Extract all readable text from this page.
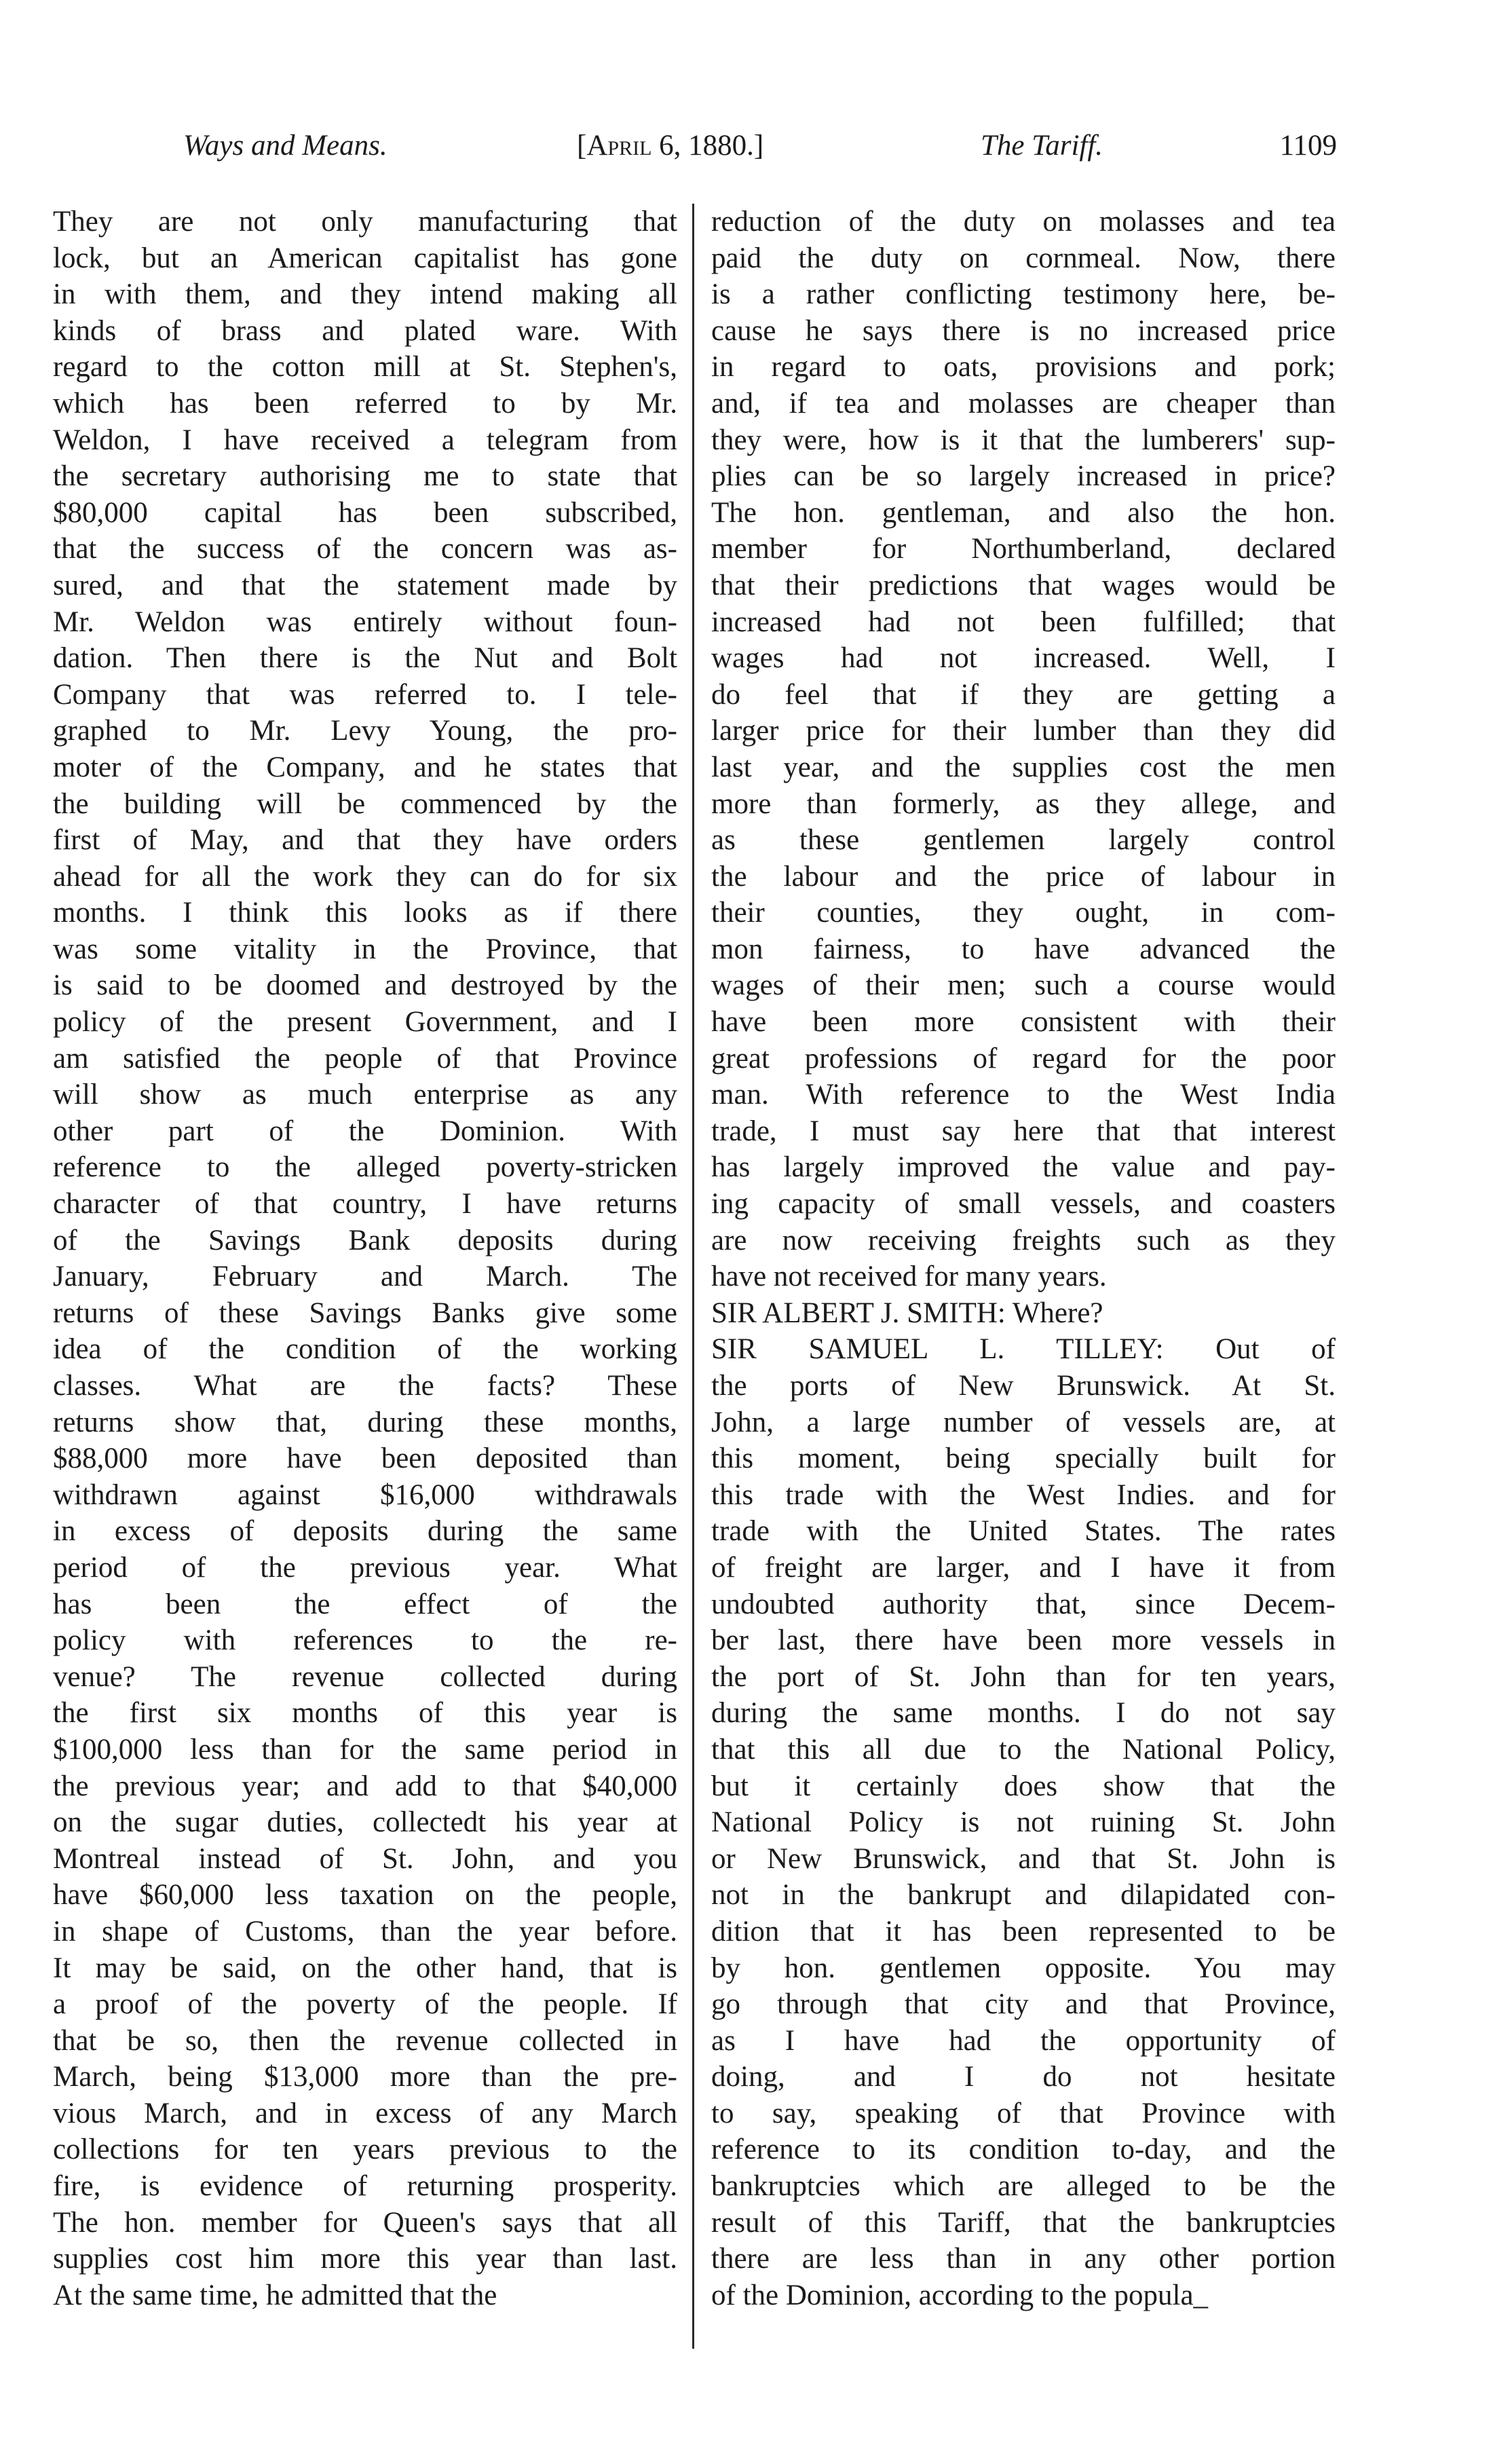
Ways and Means.	[April 6, 1880.]	The Tariff.	1109
They are not only manufacturing that
lock, but an American capitalist has gone
in with them, and they intend making all
kinds of brass and plated ware. With
regard to the cotton mill at St. Stephen's,
which has been referred to by Mr.
Weldon, I have received a telegram from
the secretary authorising me to state that
$80,000 capital has been subscribed,
that the success of the concern was as-
sured, and that the statement made by
Mr. Weldon was entirely without foun-
dation. Then there is the Nut and Bolt
Company that was referred to. I tele-
graphed to Mr. Levy Young, the pro-
moter of the Company, and he states that
the building will be commenced by the
first of May, and that they have orders
ahead for all the work they can do for six
months. I think this looks as if there
was some vitality in the Province, that
is said to be doomed and destroyed by the
policy of the present Government, and I
am satisfied the people of that Province
will show as much enterprise as any
other part of the Dominion. With
reference to the alleged poverty-stricken
character of that country, I have returns
of the Savings Bank deposits during
January, February and March. The
returns of these Savings Banks give some
idea of the condition of the working
classes. What are the facts? These
returns show that, during these months,
$88,000 more have been deposited than
withdrawn against $16,000 withdrawals
in excess of deposits during the same
period of the previous year. What
has been the effect of the
policy with references to the re-
venue? The revenue collected during
the first six months of this year is
$100,000 less than for the same period in
the previous year; and add to that $40,000
on the sugar duties, collectedt his year at
Montreal instead of St. John, and you
have $60,000 less taxation on the people,
in shape of Customs, than the year before.
It may be said, on the other hand, that is
a proof of the poverty of the people. If
that be so, then the revenue collected in
March, being $13,000 more than the pre-
vious March, and in excess of any March
collections for ten years previous to the
fire, is evidence of returning prosperity.
The hon. member for Queen's says that all
supplies cost him more this year than last.
At the same time, he admitted that the
reduction of the duty on molasses and tea
paid the duty on cornmeal. Now, there
is a rather conflicting testimony here, be-
cause he says there is no increased price
in regard to oats, provisions and pork;
and, if tea and molasses are cheaper than
they were, how is it that the lumberers' sup-
plies can be so largely increased in price?
The hon. gentleman, and also the hon.
member for Northumberland, declared
that their predictions that wages would be
increased had not been fulfilled; that
wages had not increased. Well, I
do feel that if they are getting a
larger price for their lumber than they did
last year, and the supplies cost the men
more than formerly, as they allege, and
as these gentlemen largely control
the labour and the price of labour in
their counties, they ought, in com-
mon fairness, to have advanced the
wages of their men; such a course would
have been more consistent with their
great professions of regard for the poor
man. With reference to the West India
trade, I must say here that that interest
has largely improved the value and pay-
ing capacity of small vessels, and coasters
are now receiving freights such as they
have not received for many years.
SIR ALBERT J. SMITH: Where?
SIR SAMUEL L. TILLEY: Out of
the ports of New Brunswick. At St.
John, a large number of vessels are, at
this moment, being specially built for
this trade with the West Indies. and for
trade with the United States. The rates
of freight are larger, and I have it from
undoubted authority that, since Decem-
ber last, there have been more vessels in
the port of St. John than for ten years,
during the same months. I do not say
that this all due to the National Policy,
but it certainly does show that the
National Policy is not ruining St. John
or New Brunswick, and that St. John is
not in the bankrupt and dilapidated con-
dition that it has been represented to be
by hon. gentlemen opposite. You may
go through that city and that Province,
as I have had the opportunity of
doing, and I do not hesitate
to say, speaking of that Province with
reference to its condition to-day, and the
bankruptcies which are alleged to be the
result of this Tariff, that the bankruptcies
there are less than in any other portion
of the Dominion, according to the popula_
